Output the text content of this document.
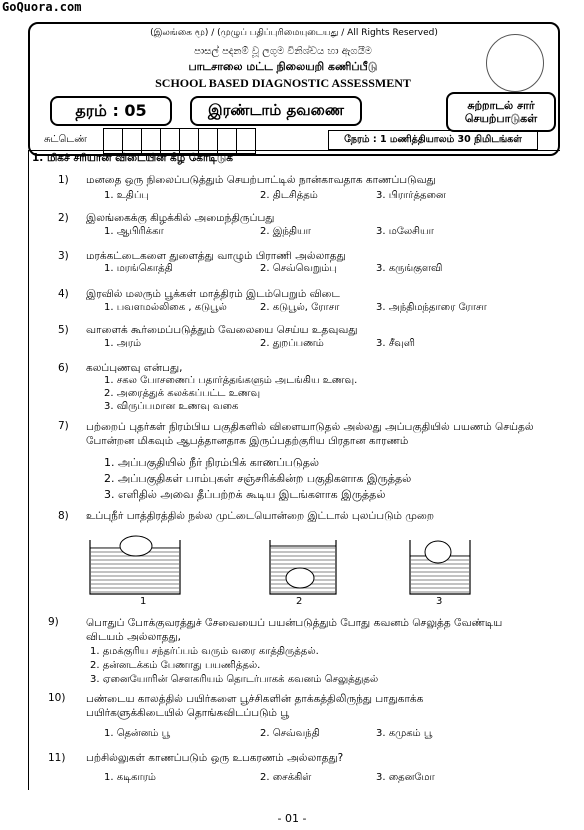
GoQuora.com
(இலங்கை மூ) / (முழுப் பதிப்புரிமையுடையது / All Rights Reserved)
පාසල් පදනම් වූ ලගුම විනිශ්චය හා ඇගයීම
பாடசாலை மட்ட நிலையறி கணிப்பீடு
SCHOOL BASED DIAGNOSTIC ASSESSMENT
தரம் : 05	இரண்டாம் தவணை	சுற்றாடல் சார் செயற்பாடுகள்
சுட்டெண்	நேரம் : 1 மணித்தியாலம் 30 நிமிடங்கள்
1. மிகச் சரியான விடையின் கீழ் கோடிடுக
1) மனதை ஒரு நிலைப்படுத்தும் செயற்பாட்டில் நான்காவதாக காணப்படுவது
1. உதிப்பு	2. திடசித்தம்	3. பிரார்த்தனை
2) இலங்கைக்கு கிழக்கில் அமைந்திருப்பது
1. ஆபிரிக்கா	2. இந்தியா	3. மலேசியா
3) மரக்கட்டைகளை துளைத்து வாழும் பிராணி அல்லாதது
1. மரங்கொத்தி	2. செவ்வெறும்பு	3. கருங்குளவி
4) இரவில் மலரும் பூக்கள் மாத்திரம் இடம்பெறும் விடை
1. பவளமல்லிகை , கடுபூல்	2. கடுபூல், ரோசா	3. அந்திமந்தாரை ரோசா
5) வாளைக் கூர்மைப்படுத்தும் வேலையை செய்ய உதவுவது
1. அரம்	2. துறப்பணம்	3. சீவுளி
6) கலப்புணவு என்பது,
1. சகல போசணைப் பதார்த்தங்களும் அடங்கிய உணவு.
2. அரைத்துக் கலக்கப்பட்ட உணவு
3. விருப்பமான உணவு வகை
7) பற்றைப் புதர்கள் நிரம்பிய பகுதிகளில் விளையாடுதல் அல்லது அப்பகுதியில் பயணம் செய்தல் போன்றன மிகவும் ஆபத்தானதாக இருப்பதற்குரிய பிரதான காரணம்
1. அப்பகுதியில் நீர் நிரம்பிக் காணப்படுதல்
2. அப்பகுதிகள் பாம்புகள் சஞ்சரிக்கின்ற பகுதிகளாக இருத்தல்
3. எளிதில் அவை தீப்பற்றக் கூடிய இடங்களாக இருத்தல்
8) உப்புநீர் பாத்திரத்தில் நல்ல முட்டையொன்றை இட்டால் புலப்படும் முறை
1	2	3
9)	பொதுப் போக்குவரத்துச் சேவையைப் பயன்படுத்தும் போது கவனம் செலுத்த வேண்டிய விடயம் அல்லாதது,
1. தமக்குரிய சந்தர்ப்பம் வரும் வரை காத்திருத்தல்.
2. தன்னடக்கம் பேணாது பயணித்தல்.
3. ஏனையோரின் சௌகரியம் தொடர்பாகக் கவனம் செலுத்துதல்
10) பண்டைய காலத்தில் பயிர்களை பூச்சிகளின் தாக்கத்திலிருந்து பாதுகாக்க பயிர்களுக்கிடையில் தொங்கவிடப்படும் பூ
1. தென்னம் பூ	2. செவ்வந்தி	3. கமுகம் பூ
11) பற்சில்லுகள் காணப்படும் ஒரு உபகரணம் அல்லாதது?
1. கடிகாரம்	2. சைக்கிள்	3. தைனமோ
- 01 -
